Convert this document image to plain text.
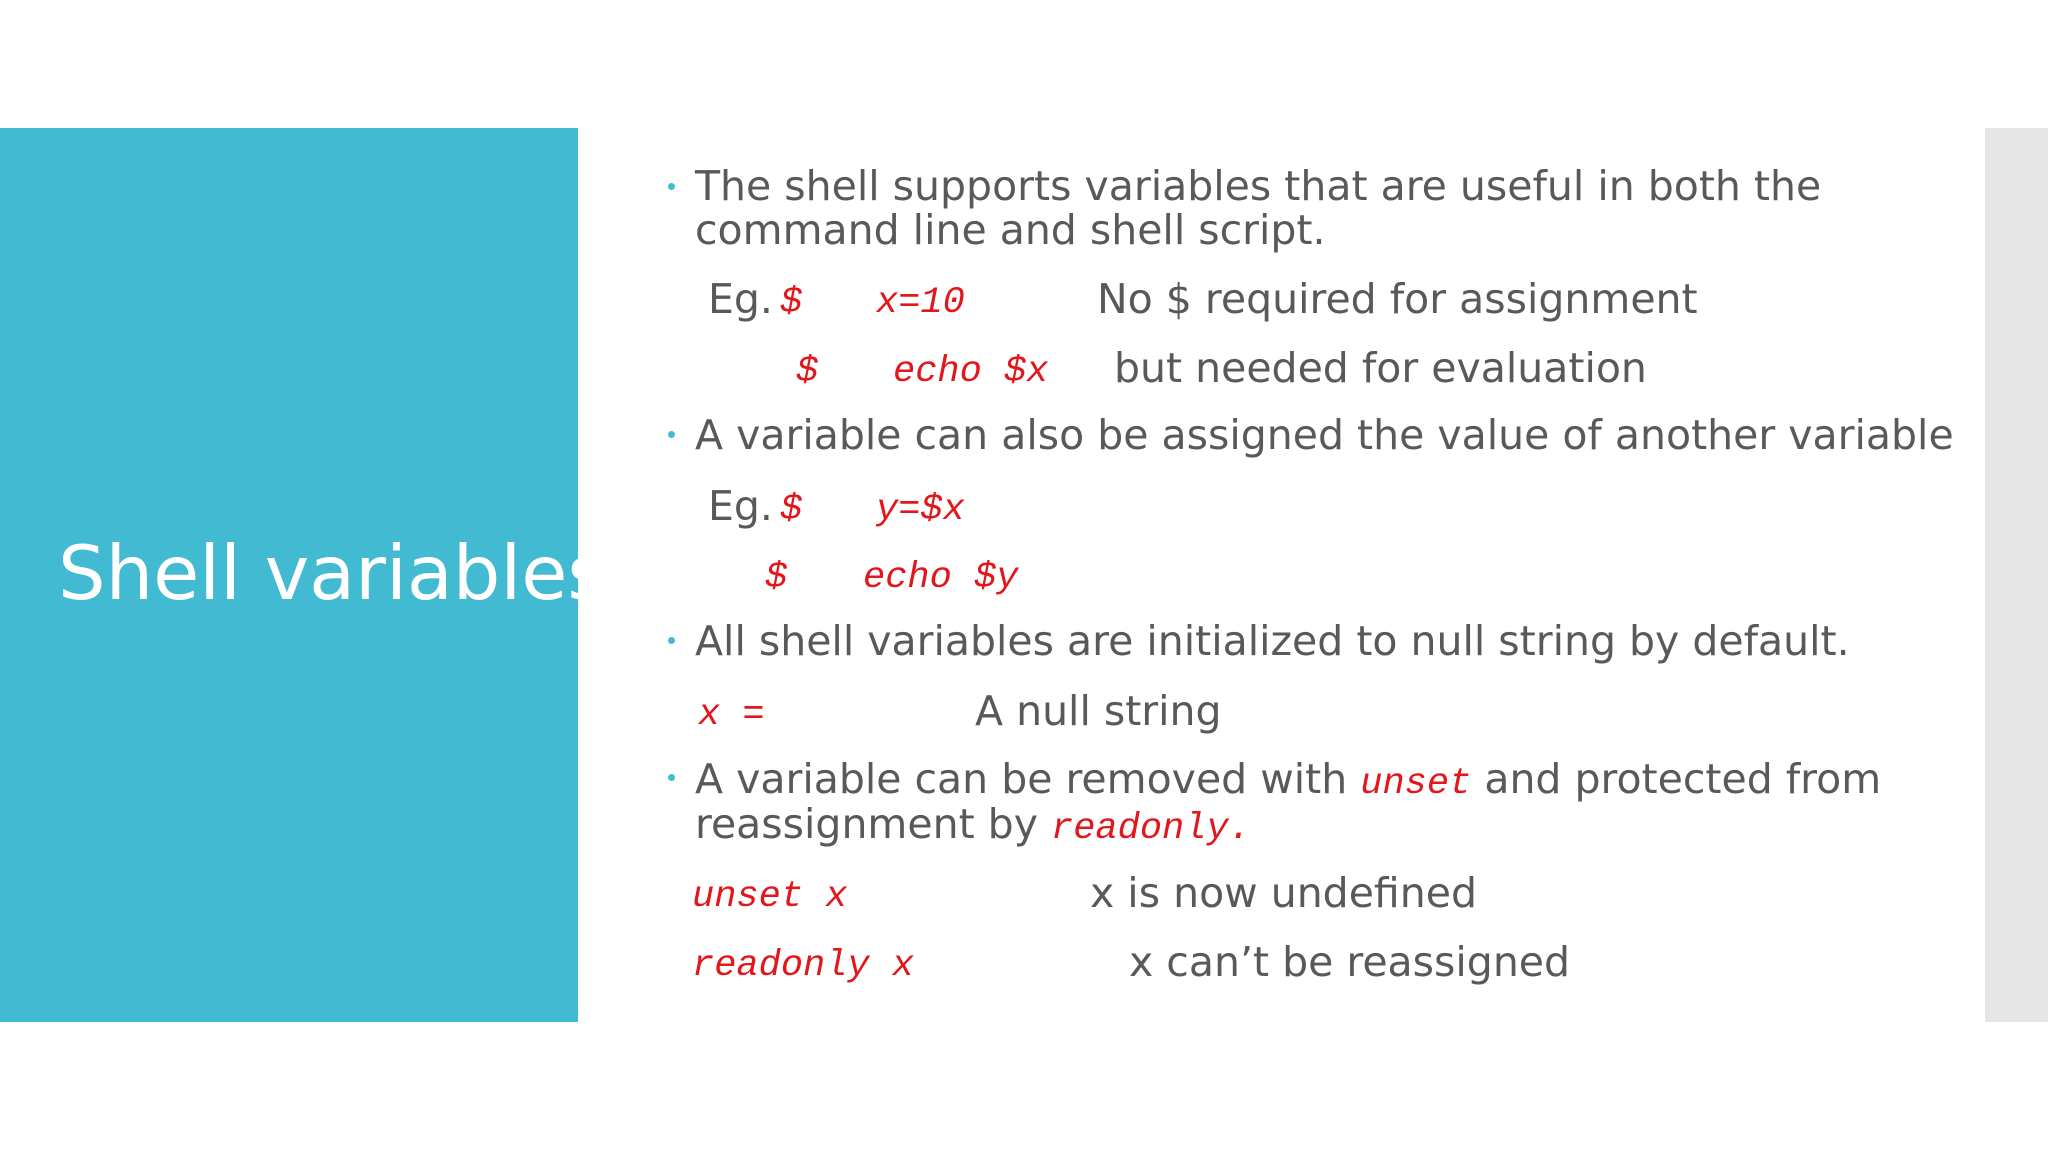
Shell variables
The shell supports variables that are useful in both the
command line and shell script.
Eg. $ x=10	No $ required for assignment
$ echo $x but needed for evaluation
A variable can also be assigned the value of another variable
Eg. $ y=$x
$ echo $y
All shell variables are initialized to null string by default.
x =	A null string
A variable can be removed with unset and protected from
reassignment by readonly.
unset x	x is now undefined
readonly x	x can’t be reassigned
